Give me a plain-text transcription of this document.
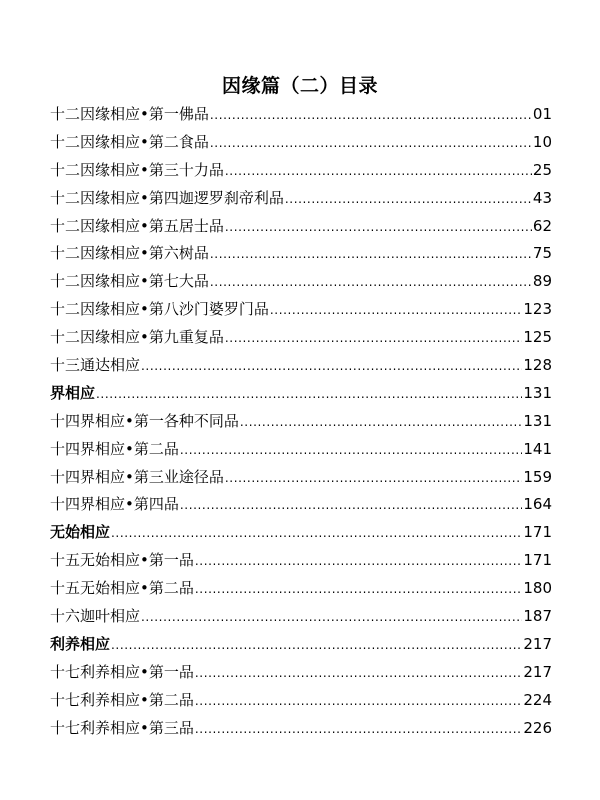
因缘篇（二）目录
十二因缘相应•第一佛品 .....	01
十二因缘相应•第二食品 .....	10
十二因缘相应•第三十力品 .....	25
十二因缘相应•第四迦逻罗刹帝利品 .....	43
十二因缘相应•第五居士品 .....	62
十二因缘相应•第六树品 .....	75
十二因缘相应•第七大品 .....	89
十二因缘相应•第八沙门婆罗门品 .....	123
十二因缘相应•第九重复品 .....	125
十三通达相应 .....	128
界相应 .....	131
十四界相应•第一各种不同品 .....	131
十四界相应•第二品 .....	141
十四界相应•第三业途径品 .....	159
十四界相应•第四品 .....	164
无始相应 .....	171
十五无始相应•第一品 .....	171
十五无始相应•第二品 .....	180
十六迦叶相应 .....	187
利养相应 .....	217
十七利养相应•第一品 .....	217
十七利养相应•第二品 .....	224
十七利养相应•第三品 .....	226
